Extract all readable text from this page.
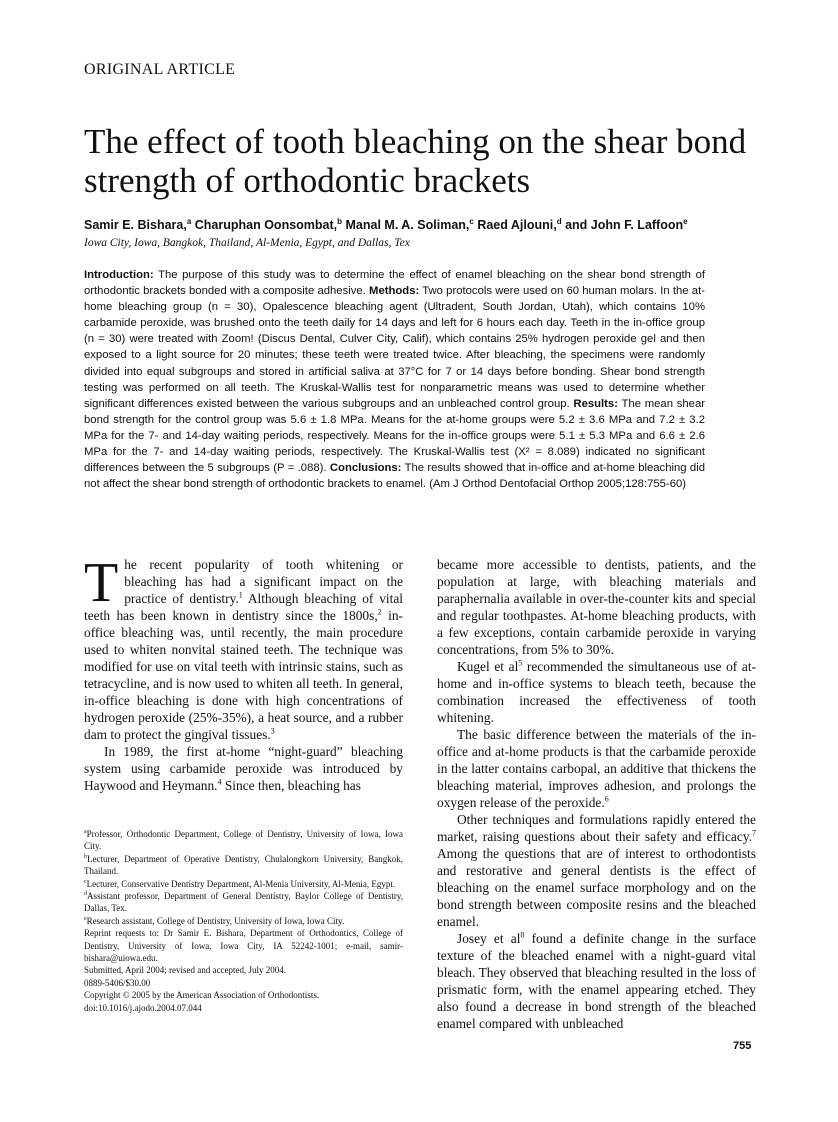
ORIGINAL ARTICLE
The effect of tooth bleaching on the shear bond strength of orthodontic brackets
Samir E. Bishara,$^a$ Charuphan Oonsombat,$^b$ Manal M. A. Soliman,$^c$ Raed Ajlouni,$^d$ and John F. Laffoon$^e$
Iowa City, Iowa, Bangkok, Thailand, Al-Menia, Egypt, and Dallas, Tex
Introduction: The purpose of this study was to determine the effect of enamel bleaching on the shear bond strength of orthodontic brackets bonded with a composite adhesive. Methods: Two protocols were used on 60 human molars. In the at-home bleaching group (n = 30), Opalescence bleaching agent (Ultradent, South Jordan, Utah), which contains 10% carbamide peroxide, was brushed onto the teeth daily for 14 days and left for 6 hours each day. Teeth in the in-office group (n = 30) were treated with Zoom! (Discus Dental, Culver City, Calif), which contains 25% hydrogen peroxide gel and then exposed to a light source for 20 minutes; these teeth were treated twice. After bleaching, the specimens were randomly divided into equal subgroups and stored in artificial saliva at 37°C for 7 or 14 days before bonding. Shear bond strength testing was performed on all teeth. The Kruskal-Wallis test for nonparametric means was used to determine whether significant differences existed between the various subgroups and an unbleached control group. Results: The mean shear bond strength for the control group was 5.6 ± 1.8 MPa. Means for the at-home groups were 5.2 ± 3.6 MPa and 7.2 ± 3.2 MPa for the 7- and 14-day waiting periods, respectively. Means for the in-office groups were 5.1 ± 5.3 MPa and 6.6 ± 2.6 MPa for the 7- and 14-day waiting periods, respectively. The Kruskal-Wallis test (X² = 8.089) indicated no significant differences between the 5 subgroups (P = .088). Conclusions: The results showed that in-office and at-home bleaching did not affect the shear bond strength of orthodontic brackets to enamel. (Am J Orthod Dentofacial Orthop 2005;128:755-60)

The recent popularity of tooth whitening or bleaching has had a significant impact on the practice of dentistry.$^1$ Although bleaching of vital teeth has been known in dentistry since the 1800s,$^2$ in-office bleaching was, until recently, the main procedure used to whiten nonvital stained teeth. The technique was modified for use on vital teeth with intrinsic stains, such as tetracycline, and is now used to whiten all teeth. In general, in-office bleaching is done with high concentrations of hydrogen peroxide (25%-35%), a heat source, and a rubber dam to protect the gingival tissues.$^3$

In 1989, the first at-home “night-guard” bleaching system using carbamide peroxide was introduced by Haywood and Heymann.$^4$ Since then, bleaching has

$^a$Professor, Orthodontic Department, College of Dentistry, University of Iowa, Iowa City.
$^b$Lecturer, Department of Operative Dentistry, Chulalongkorn University, Bangkok, Thailand.
$^c$Lecturer, Conservative Dentistry Department, Al-Menia University, Al-Menia, Egypt.
$^d$Assistant professor, Department of General Dentistry, Baylor College of Dentistry, Dallas, Tex.
$^e$Research assistant, College of Dentistry, University of Iowa, Iowa City.
Reprint requests to: Dr Samir E. Bishara, Department of Orthodontics, College of Dentistry, University of Iowa, Iowa City, IA 52242-1001; e-mail, samir-bishara@uiowa.edu.
Submitted, April 2004; revised and accepted, July 2004.
0889-5406/$30.00
Copyright © 2005 by the American Association of Orthodontists.
doi:10.1016/j.ajodo.2004.07.044

became more accessible to dentists, patients, and the population at large, with bleaching materials and paraphernalia available in over-the-counter kits and special and regular toothpastes. At-home bleaching products, with a few exceptions, contain carbamide peroxide in varying concentrations, from 5% to 30%.

Kugel et $al^5$ recommended the simultaneous use of at-home and in-office systems to bleach teeth, because the combination increased the effectiveness of tooth whitening.

The basic difference between the materials of the in-office and at-home products is that the carbamide peroxide in the latter contains carbopal, an additive that thickens the bleaching material, improves adhesion, and prolongs the oxygen release of the peroxide.$^6$

Other techniques and formulations rapidly entered the market, raising questions about their safety and efficacy.$^7$ Among the questions that are of interest to orthodontists and restorative and general dentists is the effect of bleaching on the enamel surface morphology and on the bond strength between composite resins and the bleached enamel.

Josey et $al^8$ found a definite change in the surface texture of the bleached enamel with a night-guard vital bleach. They observed that bleaching resulted in the loss of prismatic form, with the enamel appearing etched. They also found a decrease in bond strength of the bleached enamel compared with unbleached

755
